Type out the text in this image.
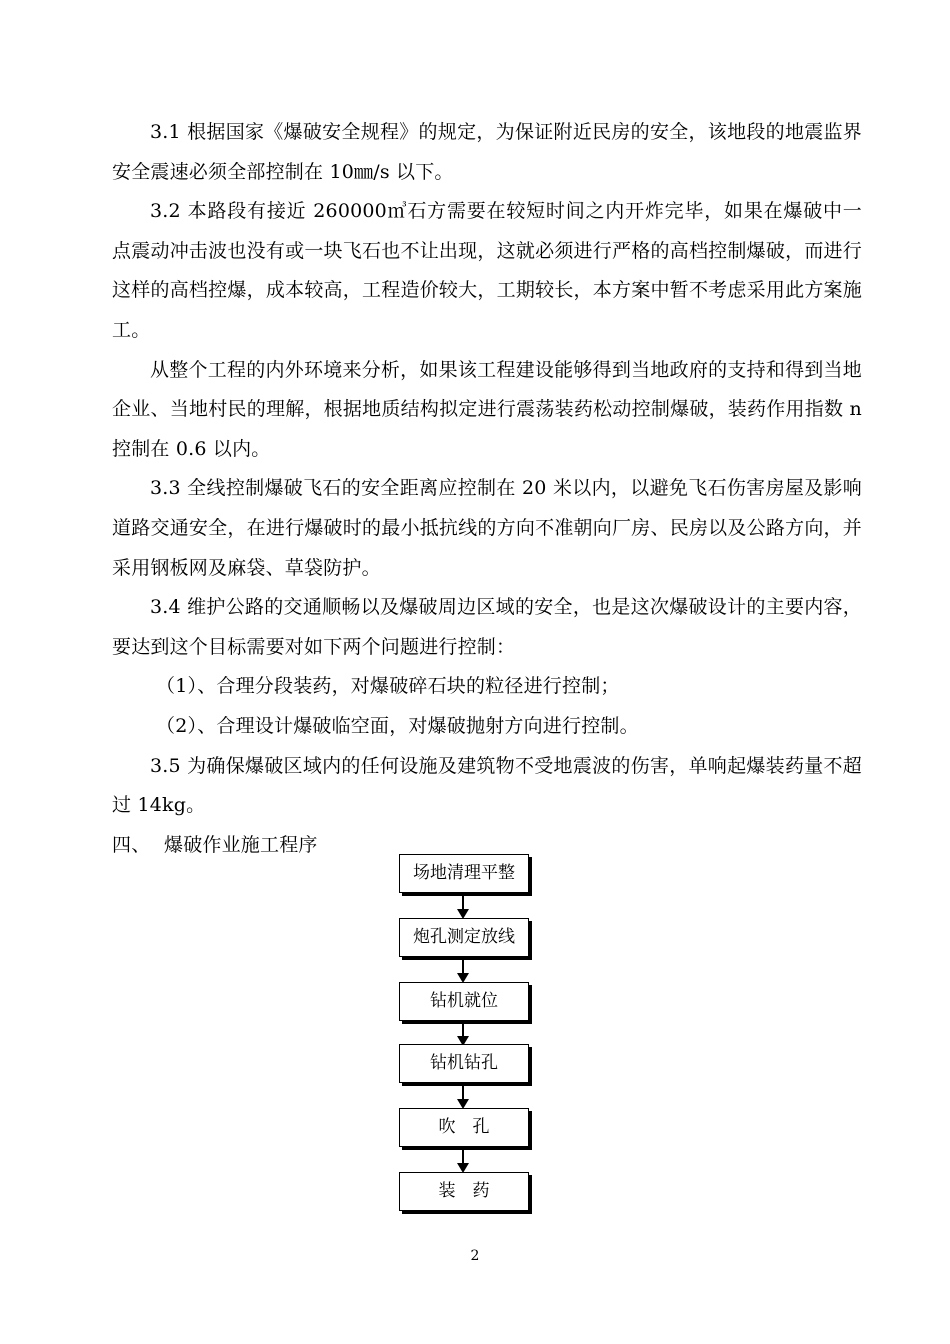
3.1 根据国家《爆破安全规程》的规定，为保证附近民房的安全，该地段的地震监界安全震速必须全部控制在 10㎜/s 以下。

3.2 本路段有接近 260000㎥石方需要在较短时间之内开炸完毕，如果在爆破中一点震动冲击波也没有或一块飞石也不让出现，这就必须进行严格的高档控制爆破，而进行这样的高档控爆，成本较高，工程造价较大，工期较长，本方案中暂不考虑采用此方案施工。

从整个工程的内外环境来分析，如果该工程建设能够得到当地政府的支持和得到当地企业、当地村民的理解，根据地质结构拟定进行震荡装药松动控制爆破，装药作用指数 n 控制在 0.6 以内。

3.3 全线控制爆破飞石的安全距离应控制在 20 米以内，以避免飞石伤害房屋及影响道路交通安全，在进行爆破时的最小抵抗线的方向不准朝向厂房、民房以及公路方向，并采用钢板网及麻袋、草袋防护。

3.4 维护公路的交通顺畅以及爆破周边区域的安全，也是这次爆破设计的主要内容，要达到这个目标需要对如下两个问题进行控制：

（1）、合理分段装药，对爆破碎石块的粒径进行控制；

（2）、合理设计爆破临空面，对爆破抛射方向进行控制。

3.5 为确保爆破区域内的任何设施及建筑物不受地震波的伤害，单响起爆装药量不超过 14kg。

四、 爆破作业施工程序

场地清理平整
炮孔测定放线
钻机就位
钻机钻孔
吹　孔
装　药
2
